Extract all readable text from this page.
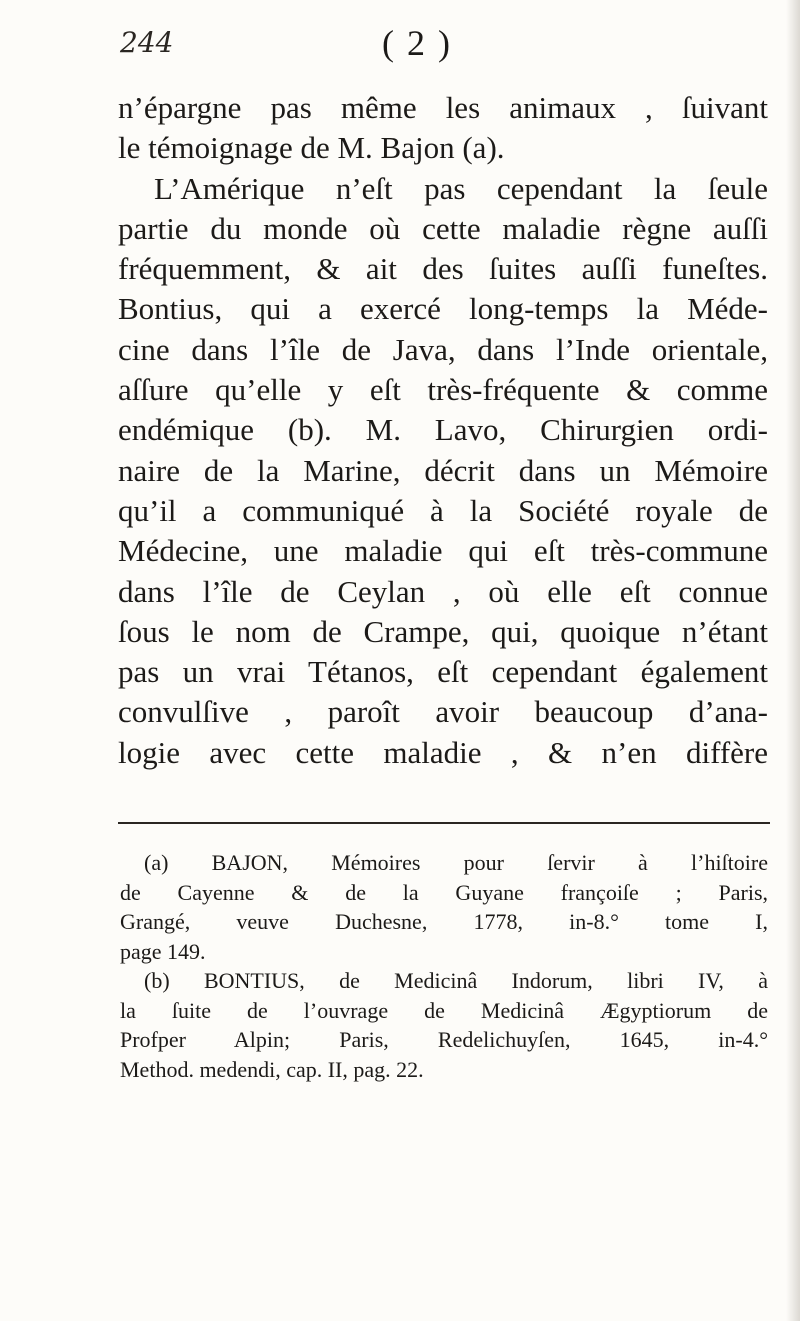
244	( 2 )
n’épargne pas même les animaux , ſuivant
le témoignage de M. Bajon (a).
L’Amérique n’eſt pas cependant la ſeule
partie du monde où cette maladie règne auſſi
fréquemment, & ait des ſuites auſſi funeſtes.
Bontius, qui a exercé long-temps la Méde-
cine dans l’île de Java, dans l’Inde orientale,
aſſure qu’elle y eſt très-fréquente & comme
endémique (b). M. Lavo, Chirurgien ordi-
naire de la Marine, décrit dans un Mémoire
qu’il a communiqué à la Société royale de
Médecine, une maladie qui eſt très-commune
dans l’île de Ceylan , où elle eſt connue
ſous le nom de Crampe, qui, quoique n’étant
pas un vrai Tétanos, eſt cependant également
convulſive , paroît avoir beaucoup d’ana-
logie avec cette maladie , & n’en diffère
(a) BAJON, Mémoires pour ſervir à l’hiſtoire
de Cayenne & de la Guyane françoiſe ; Paris,
Grangé, veuve Duchesne, 1778, in-8.° tome I,
page 149.
(b) BONTIUS, de Medicinâ Indorum, libri IV, à
la ſuite de l’ouvrage de Medicinâ Ægyptiorum de
Profper Alpin; Paris, Redelichuyſen, 1645, in-4.°
Method. medendi, cap. II, pag. 22.
